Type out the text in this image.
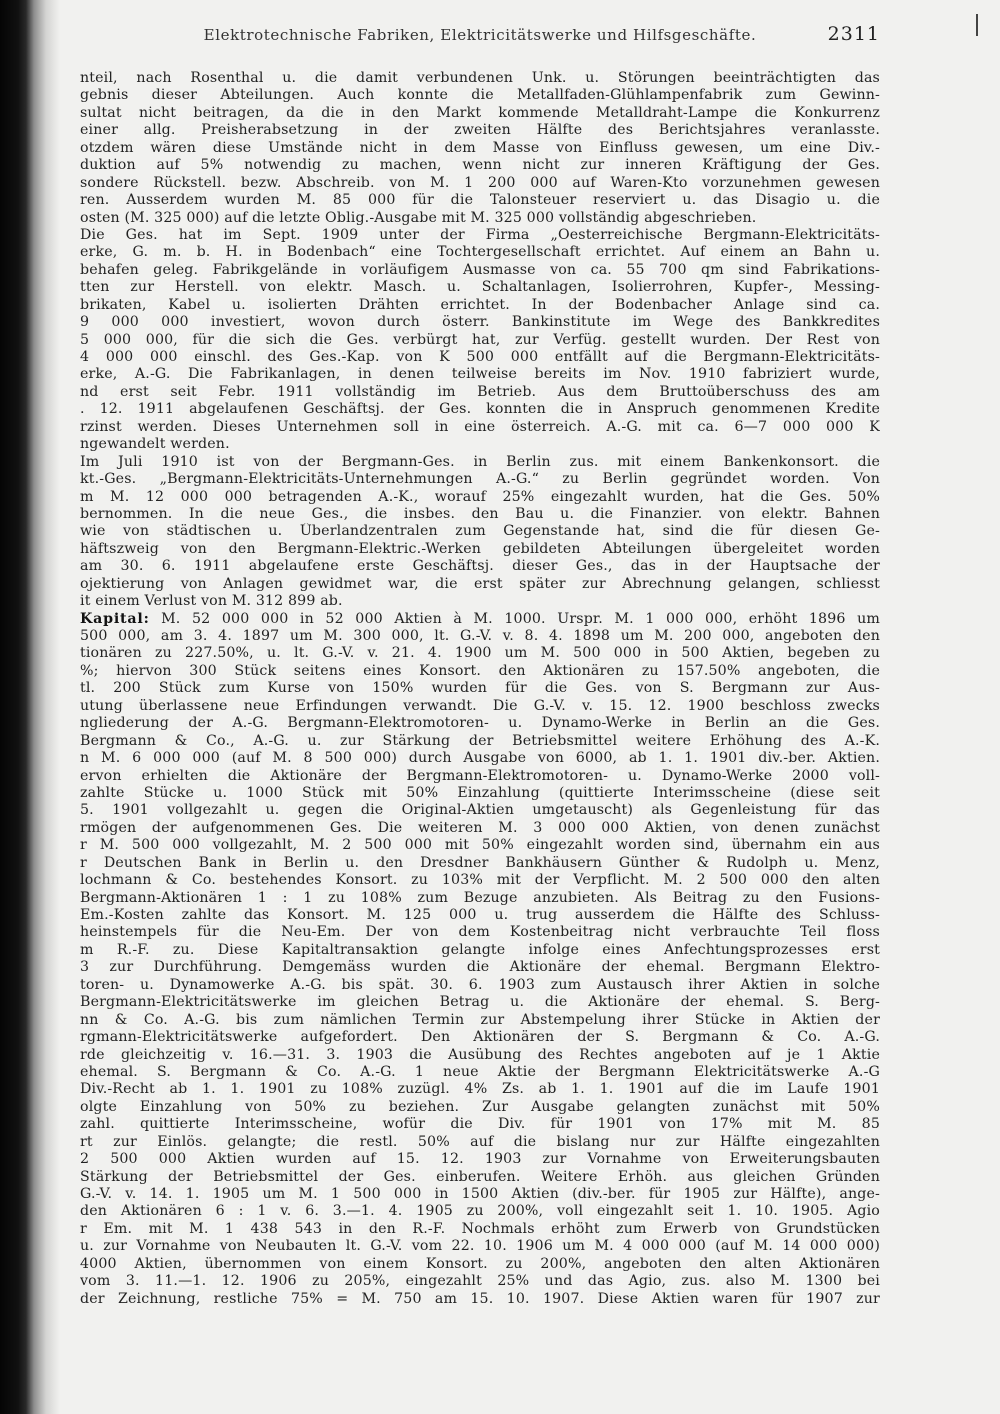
Elektrotechnische Fabriken, Elektricitätswerke und Hilfsgeschäfte.	2311
nteil, nach Rosenthal u. die damit verbundenen Unk. u. Störungen beeinträchtigten das
gebnis dieser Abteilungen. Auch konnte die Metallfaden-Glühlampenfabrik zum Gewinn-
sultat nicht beitragen, da die in den Markt kommende Metalldraht-Lampe die Konkurrenz
einer allg. Preisherabsetzung in der zweiten Hälfte des Berichtsjahres veranlasste.
otzdem wären diese Umstände nicht in dem Masse von Einfluss gewesen, um eine Div.-
duktion auf 5% notwendig zu machen, wenn nicht zur inneren Kräftigung der Ges.
sondere Rückstell. bezw. Abschreib. von M. 1 200 000 auf Waren-Kto vorzunehmen gewesen
ren. Ausserdem wurden M. 85 000 für die Talonsteuer reserviert u. das Disagio u. die
osten (M. 325 000) auf die letzte Oblig.-Ausgabe mit M. 325 000 vollständig abgeschrieben.
Die Ges. hat im Sept. 1909 unter der Firma „Oesterreichische Bergmann-Elektricitäts-
erke, G. m. b. H. in Bodenbach“ eine Tochtergesellschaft errichtet. Auf einem an Bahn u.
behafen geleg. Fabrikgelände in vorläufigem Ausmasse von ca. 55 700 qm sind Fabrikations-
tten zur Herstell. von elektr. Masch. u. Schaltanlagen, Isolierrohren, Kupfer-, Messing-
brikaten, Kabel u. isolierten Drähten errichtet. In der Bodenbacher Anlage sind ca.
9 000 000 investiert, wovon durch österr. Bankinstitute im Wege des Bankkredites
5 000 000, für die sich die Ges. verbürgt hat, zur Verfüg. gestellt wurden. Der Rest von
4 000 000 einschl. des Ges.-Kap. von K 500 000 entfällt auf die Bergmann-Elektricitäts-
erke, A.-G. Die Fabrikanlagen, in denen teilweise bereits im Nov. 1910 fabriziert wurde,
nd erst seit Febr. 1911 vollständig im Betrieb. Aus dem Bruttoüberschuss des am
. 12. 1911 abgelaufenen Geschäftsj. der Ges. konnten die in Anspruch genommenen Kredite
rzinst werden. Dieses Unternehmen soll in eine österreich. A.-G. mit ca. 6—7 000 000 K
ngewandelt werden.
Im Juli 1910 ist von der Bergmann-Ges. in Berlin zus. mit einem Bankenkonsort. die
kt.-Ges. „Bergmann-Elektricitäts-Unternehmungen A.-G.“ zu Berlin gegründet worden. Von
m M. 12 000 000 betragenden A.-K., worauf 25% eingezahlt wurden, hat die Ges. 50%
bernommen. In die neue Ges., die insbes. den Bau u. die Finanzier. von elektr. Bahnen
wie von städtischen u. Überlandzentralen zum Gegenstande hat, sind die für diesen Ge-
häftszweig von den Bergmann-Elektric.-Werken gebildeten Abteilungen übergeleitet worden
am 30. 6. 1911 abgelaufene erste Geschäftsj. dieser Ges., das in der Hauptsache der
ojektierung von Anlagen gewidmet war, die erst später zur Abrechnung gelangen, schliesst
it einem Verlust von M. 312 899 ab.
Kapital: M. 52 000 000 in 52 000 Aktien à M. 1000. Urspr. M. 1 000 000, erhöht 1896 um
500 000, am 3. 4. 1897 um M. 300 000, lt. G.-V. v. 8. 4. 1898 um M. 200 000, angeboten den
tionären zu 227.50%, u. lt. G.-V. v. 21. 4. 1900 um M. 500 000 in 500 Aktien, begeben zu
%; hiervon 300 Stück seitens eines Konsort. den Aktionären zu 157.50% angeboten, die
tl. 200 Stück zum Kurse von 150% wurden für die Ges. von S. Bergmann zur Aus-
utung überlassene neue Erfindungen verwandt. Die G.-V. v. 15. 12. 1900 beschloss zwecks
ngliederung der A.-G. Bergmann-Elektromotoren- u. Dynamo-Werke in Berlin an die Ges.
Bergmann & Co., A.-G. u. zur Stärkung der Betriebsmittel weitere Erhöhung des A.-K.
n M. 6 000 000 (auf M. 8 500 000) durch Ausgabe von 6000, ab 1. 1. 1901 div.-ber. Aktien.
ervon erhielten die Aktionäre der Bergmann-Elektromotoren- u. Dynamo-Werke 2000 voll-
zahlte Stücke u. 1000 Stück mit 50% Einzahlung (quittierte Interimsscheine (diese seit
5. 1901 vollgezahlt u. gegen die Original-Aktien umgetauscht) als Gegenleistung für das
rmögen der aufgenommenen Ges. Die weiteren M. 3 000 000 Aktien, von denen zunächst
r M. 500 000 vollgezahlt, M. 2 500 000 mit 50% eingezahlt worden sind, übernahm ein aus
r Deutschen Bank in Berlin u. den Dresdner Bankhäusern Günther & Rudolph u. Menz,
lochmann & Co. bestehendes Konsort. zu 103% mit der Verpflicht. M. 2 500 000 den alten
Bergmann-Aktionären 1 : 1 zu 108% zum Bezuge anzubieten. Als Beitrag zu den Fusions-
Em.-Kosten zahlte das Konsort. M. 125 000 u. trug ausserdem die Hälfte des Schluss-
heinstempels für die Neu-Em. Der von dem Kostenbeitrag nicht verbrauchte Teil floss
m R.-F. zu. Diese Kapitaltransaktion gelangte infolge eines Anfechtungsprozesses erst
3 zur Durchführung. Demgemäss wurden die Aktionäre der ehemal. Bergmann Elektro-
toren- u. Dynamowerke A.-G. bis spät. 30. 6. 1903 zum Austausch ihrer Aktien in solche
Bergmann-Elektricitätswerke im gleichen Betrag u. die Aktionäre der ehemal. S. Berg-
nn & Co. A.-G. bis zum nämlichen Termin zur Abstempelung ihrer Stücke in Aktien der
rgmann-Elektricitätswerke aufgefordert. Den Aktionären der S. Bergmann & Co. A.-G.
rde gleichzeitig v. 16.—31. 3. 1903 die Ausübung des Rechtes angeboten auf je 1 Aktie
ehemal. S. Bergmann & Co. A.-G. 1 neue Aktie der Bergmann Elektricitätswerke A.-G
Div.-Recht ab 1. 1. 1901 zu 108% zuzügl. 4% Zs. ab 1. 1. 1901 auf die im Laufe 1901
olgte Einzahlung von 50% zu beziehen. Zur Ausgabe gelangten zunächst mit 50%
zahl. quittierte Interimsscheine, wofür die Div. für 1901 von 17% mit M. 85
rt zur Einlös. gelangte; die restl. 50% auf die bislang nur zur Hälfte eingezahlten
2 500 000 Aktien wurden auf 15. 12. 1903 zur Vornahme von Erweiterungsbauten
Stärkung der Betriebsmittel der Ges. einberufen. Weitere Erhöh. aus gleichen Gründen
G.-V. v. 14. 1. 1905 um M. 1 500 000 in 1500 Aktien (div.-ber. für 1905 zur Hälfte), ange-
den Aktionären 6 : 1 v. 6. 3.—1. 4. 1905 zu 200%, voll eingezahlt seit 1. 10. 1905. Agio
r Em. mit M. 1 438 543 in den R.-F. Nochmals erhöht zum Erwerb von Grundstücken
u. zur Vornahme von Neubauten lt. G.-V. vom 22. 10. 1906 um M. 4 000 000 (auf M. 14 000 000)
4000 Aktien, übernommen von einem Konsort. zu 200%, angeboten den alten Aktionären
vom 3. 11.—1. 12. 1906 zu 205%, eingezahlt 25% und das Agio, zus. also M. 1300 bei
der Zeichnung, restliche 75% = M. 750 am 15. 10. 1907. Diese Aktien waren für 1907 zur
